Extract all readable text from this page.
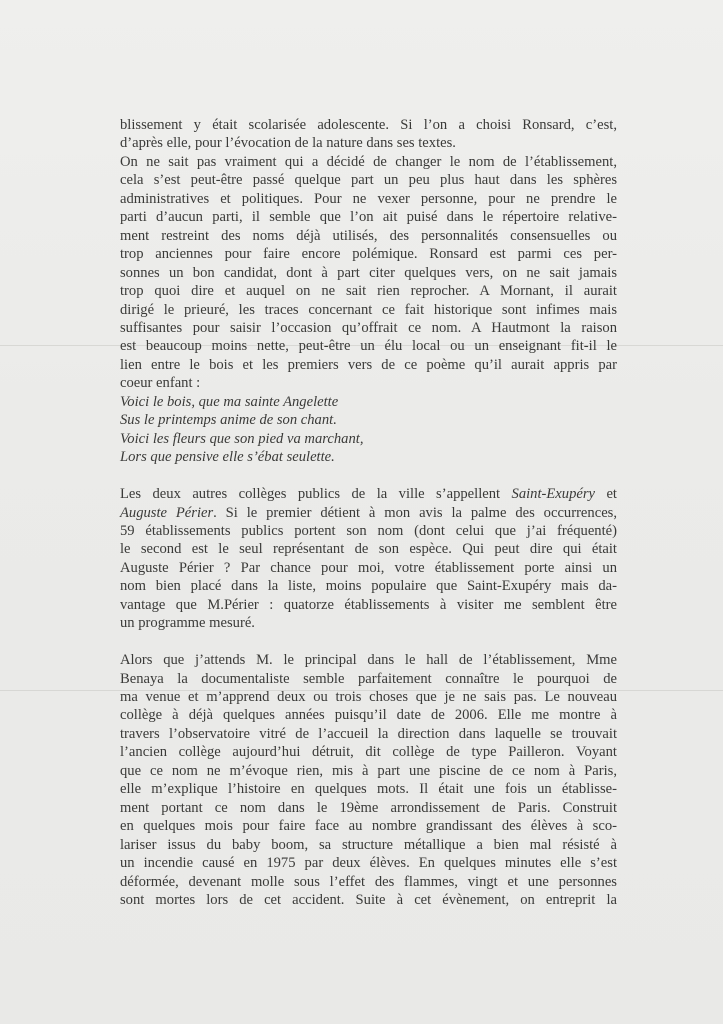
blissement y était scolarisée adolescente. Si l’on a choisi Ronsard, c’est,
d’après elle, pour l’évocation de la nature dans ses textes.
On ne sait pas vraiment qui a décidé de changer le nom de l’établissement,
cela s’est peut-être passé quelque part un peu plus haut dans les sphères
administratives et politiques. Pour ne vexer personne, pour ne prendre le
parti d’aucun parti, il semble que l’on ait puisé dans le répertoire relative-
ment restreint des noms déjà utilisés, des personnalités consensuelles ou
trop anciennes pour faire encore polémique. Ronsard est parmi ces per-
sonnes un bon candidat, dont à part citer quelques vers, on ne sait jamais
trop quoi dire et auquel on ne sait rien reprocher. A Mornant, il aurait
dirigé le prieuré, les traces concernant ce fait historique sont infimes mais
suffisantes pour saisir l’occasion qu’offrait ce nom. A Hautmont la raison
est beaucoup moins nette, peut-être un élu local ou un enseignant fit-il le
lien entre le bois et les premiers vers de ce poème qu’il aurait appris par
coeur enfant :
Voici le bois, que ma sainte Angelette
Sus le printemps anime de son chant.
Voici les fleurs que son pied va marchant,
Lors que pensive elle s’ébat seulette.
Les deux autres collèges publics de la ville s’appellent Saint-Exupéry et
Auguste Périer. Si le premier détient à mon avis la palme des occurrences,
59 établissements publics portent son nom (dont celui que j’ai fréquenté)
le second est le seul représentant de son espèce. Qui peut dire qui était
Auguste Périer ? Par chance pour moi, votre établissement porte ainsi un
nom bien placé dans la liste, moins populaire que Saint-Exupéry mais da-
vantage que M.Périer : quatorze établissements à visiter me semblent être
un programme mesuré.
Alors que j’attends M. le principal dans le hall de l’établissement, Mme
Benaya la documentaliste semble parfaitement connaître le pourquoi de
ma venue et m’apprend deux ou trois choses que je ne sais pas. Le nouveau
collège à déjà quelques années puisqu’il date de 2006. Elle me montre à
travers l’observatoire vitré de l’accueil la direction dans laquelle se trouvait
l’ancien collège aujourd’hui détruit, dit collège de type Pailleron. Voyant
que ce nom ne m’évoque rien, mis à part une piscine de ce nom à Paris,
elle m’explique l’histoire en quelques mots. Il était une fois un établisse-
ment portant ce nom dans le 19ème arrondissement de Paris. Construit
en quelques mois pour faire face au nombre grandissant des élèves à sco-
lariser issus du baby boom, sa structure métallique a bien mal résisté à
un incendie causé en 1975 par deux élèves. En quelques minutes elle s’est
déformée, devenant molle sous l’effet des flammes, vingt et une personnes
sont mortes lors de cet accident. Suite à cet évènement, on entreprit la
